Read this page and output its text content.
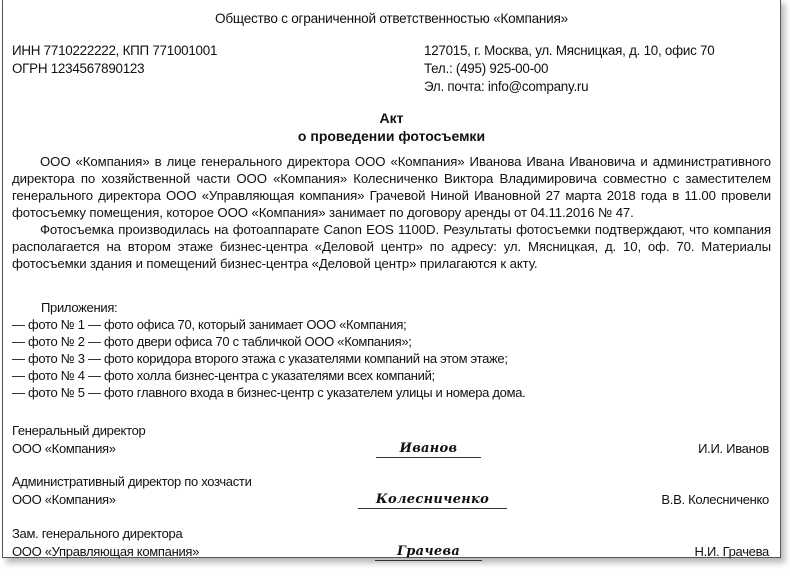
Общество с ограниченной ответственностью «Компания»
ИНН 7710222222, КПП 771001001
ОГРН 1234567890123
127015, г. Москва, ул. Мясницкая, д. 10, офис 70
Тел.: (495) 925-00-00
Эл. почта: info@company.ru
Акт
о проведении фотосъемки

ООО «Компания» в лице генерального директора ООО «Компания» Иванова Ивана Ивановича и административного директора по хозяйственной части ООО «Компания» Колесниченко Виктора Владимировича совместно с заместителем генерального директора ООО «Управляющая компания» Грачевой Ниной Ивановной 27 марта 2018 года в 11.00 провели фотосъемку помещения, которое ООО «Компания» занимает по договору аренды от 04.11.2016 № 47.

Фотосъемка производилась на фотоаппарате Canon EOS 1100D. Результаты фотосъемки подтверждают, что компания располагается на втором этаже бизнес-центра «Деловой центр» по адресу: ул. Мясницкая, д. 10, оф. 70. Материалы фотосъемки здания и помещений бизнес-центра «Деловой центр» прилагаются к акту.

Приложения:
— фото № 1 — фото офиса 70, который занимает ООО «Компания;
— фото № 2 — фото двери офиса 70 с табличкой ООО «Компания»;
— фото № 3 — фото коридора второго этажа с указателями компаний на этом этаже;
— фото № 4 — фото холла бизнес-центра с указателями всех компаний;
— фото № 5 — фото главного входа в бизнес-центр с указателем улицы и номера дома.
Генеральный директор
ООО «Компания»	Иванов	И.И. Иванов
Административный директор по хозчасти
ООО «Компания»	Колесниченко	В.В. Колесниченко
Зам. генерального директора
ООО «Управляющая компания»	Грачева	Н.И. Грачева
